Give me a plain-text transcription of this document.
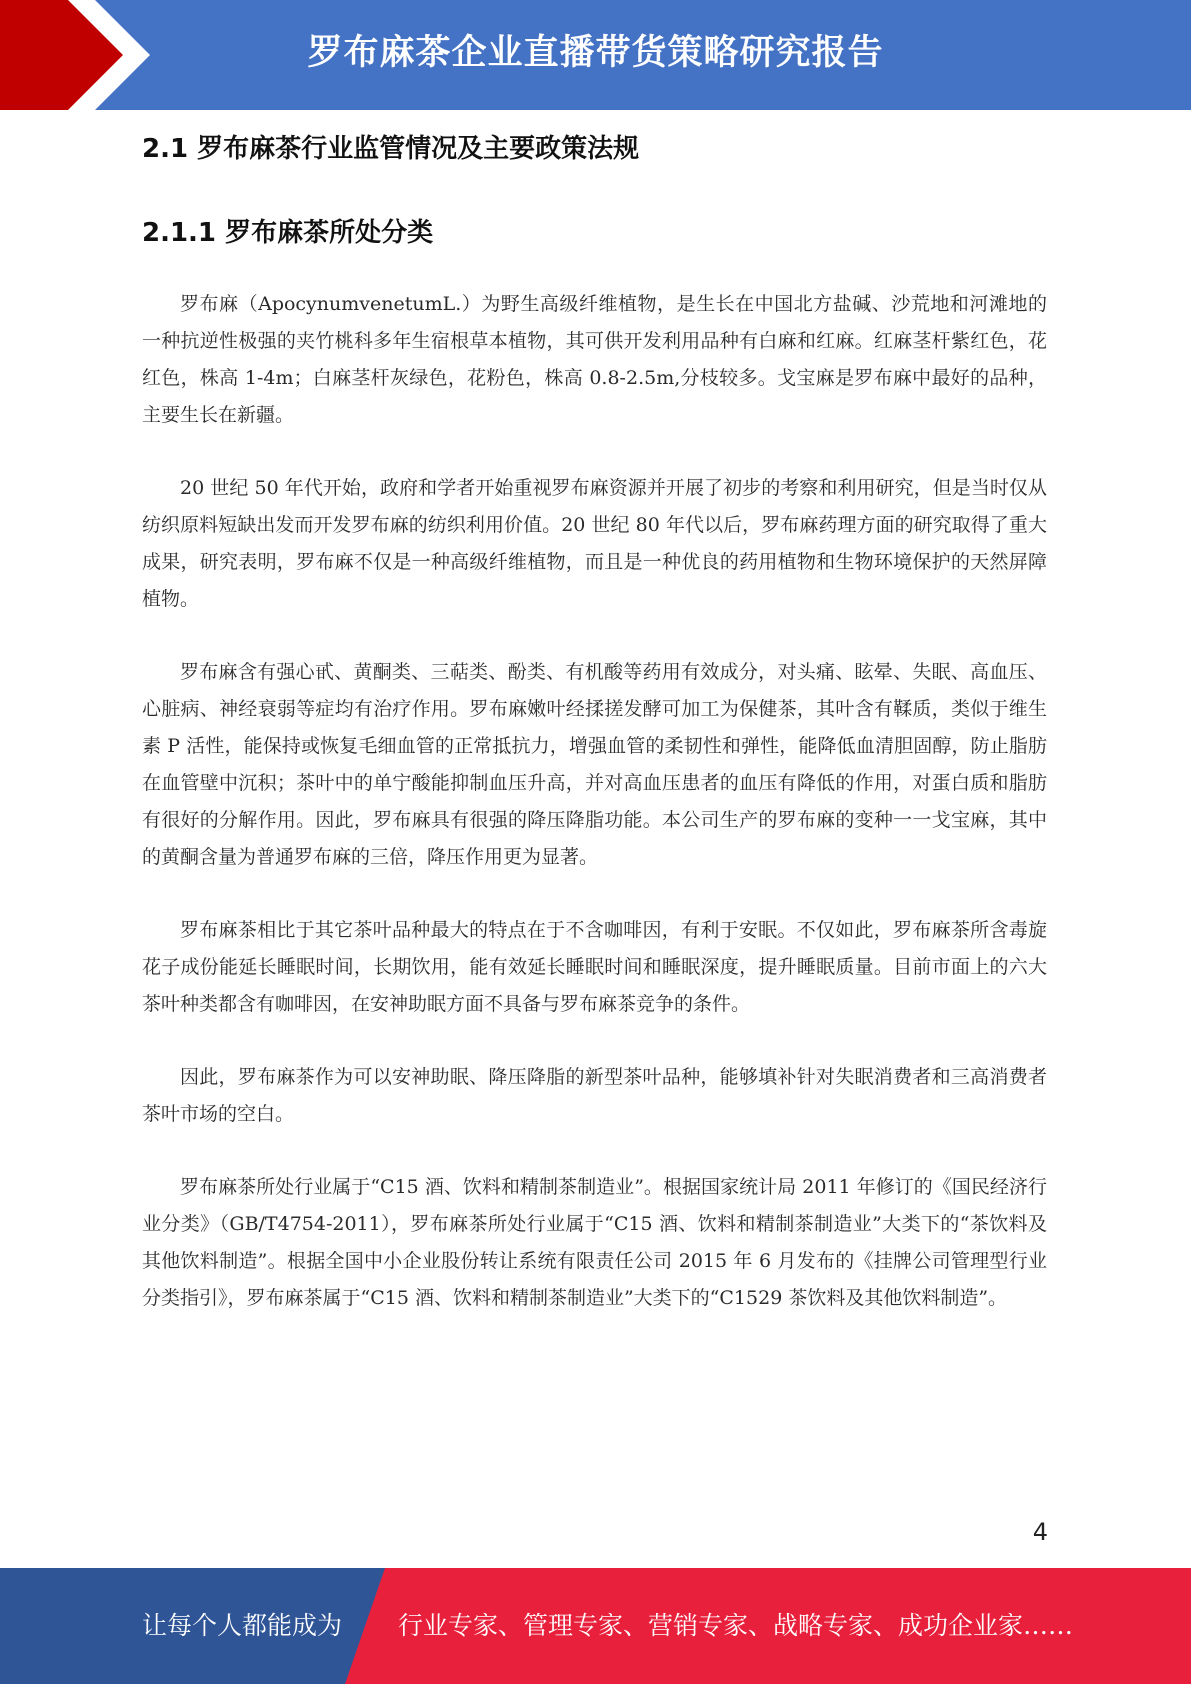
罗布麻茶企业直播带货策略研究报告
2.1 罗布麻茶行业监管情况及主要政策法规
2.1.1 罗布麻茶所处分类

罗布麻（ApocynumvenetumL.）为野生高级纤维植物，是生长在中国北方盐碱、沙荒地和河滩地的一种抗逆性极强的夹竹桃科多年生宿根草本植物，其可供开发利用品种有白麻和红麻。红麻茎杆紫红色，花红色，株高 1-4m；白麻茎杆灰绿色，花粉色，株高 0.8-2.5m,分枝较多。戈宝麻是罗布麻中最好的品种，主要生长在新疆。

20 世纪 50 年代开始，政府和学者开始重视罗布麻资源并开展了初步的考察和利用研究，但是当时仅从纺织原料短缺出发而开发罗布麻的纺织利用价值。20 世纪 80 年代以后，罗布麻药理方面的研究取得了重大成果，研究表明，罗布麻不仅是一种高级纤维植物，而且是一种优良的药用植物和生物环境保护的天然屏障植物。

罗布麻含有强心甙、黄酮类、三萜类、酚类、有机酸等药用有效成分，对头痛、眩晕、失眠、高血压、心脏病、神经衰弱等症均有治疗作用。罗布麻嫩叶经揉搓发酵可加工为保健茶，其叶含有鞣质，类似于维生素 P 活性，能保持或恢复毛细血管的正常抵抗力，增强血管的柔韧性和弹性，能降低血清胆固醇，防止脂肪在血管壁中沉积；茶叶中的单宁酸能抑制血压升高，并对高血压患者的血压有降低的作用，对蛋白质和脂肪有很好的分解作用。因此，罗布麻具有很强的降压降脂功能。本公司生产的罗布麻的变种一一戈宝麻，其中的黄酮含量为普通罗布麻的三倍，降压作用更为显著。

罗布麻茶相比于其它茶叶品种最大的特点在于不含咖啡因，有利于安眠。不仅如此，罗布麻茶所含毒旋花子成份能延长睡眠时间，长期饮用，能有效延长睡眠时间和睡眠深度，提升睡眠质量。目前市面上的六大茶叶种类都含有咖啡因，在安神助眠方面不具备与罗布麻茶竞争的条件。

因此，罗布麻茶作为可以安神助眠、降压降脂的新型茶叶品种，能够填补针对失眠消费者和三高消费者茶叶市场的空白。

罗布麻茶所处行业属于“C15 酒、饮料和精制茶制造业”。根据国家统计局 2011 年修订的《国民经济行业分类》（GB/T4754-2011），罗布麻茶所处行业属于“C15 酒、饮料和精制茶制造业”大类下的“茶饮料及其他饮料制造”。根据全国中小企业股份转让系统有限责任公司 2015 年 6 月发布的《挂牌公司管理型行业分类指引》，罗布麻茶属于“C15 酒、饮料和精制茶制造业”大类下的“C1529 茶饮料及其他饮料制造”。

4
让每个人都能成为 行业专家、管理专家、营销专家、战略专家、成功企业家……
